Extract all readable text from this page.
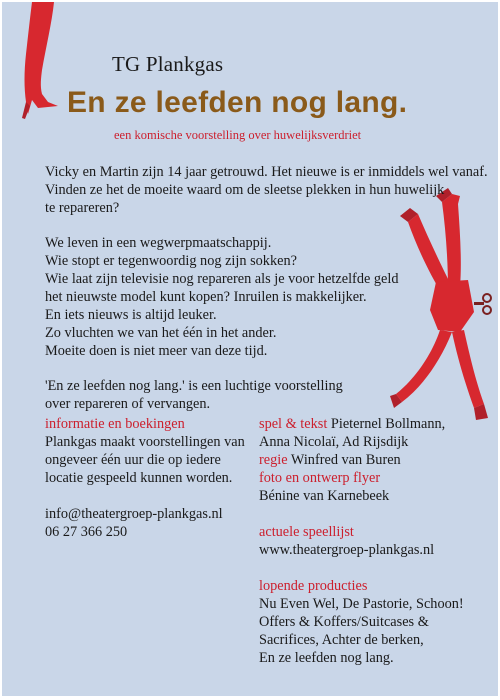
TG Plankgas
En ze leefden nog lang.
een komische voorstelling over huwelijksverdriet

Vicky en Martin zijn 14 jaar getrouwd. Het nieuwe is er inmiddels wel vanaf.
Vinden ze het de moeite waard om de sleetse plekken in hun huwelijk
te repareren?

We leven in een wegwerpmaatschappij.
Wie stopt er tegenwoordig nog zijn sokken?
Wie laat zijn televisie nog repareren als je voor hetzelfde geld
het nieuwste model kunt kopen? Inruilen is makkelijker.
En iets nieuws is altijd leuker.
Zo vluchten we van het één in het ander.
Moeite doen is niet meer van deze tijd.

'En ze leefden nog lang.' is een luchtige voorstelling
over repareren of vervangen.

informatie en boekingen

Plankgas maakt voorstellingen van
ongeveer één uur die op iedere
locatie gespeeld kunnen worden.

info@theatergroep-plankgas.nl

06 27 366 250

spel & tekst Pieternel Bollmann,

Anna Nicolaï, Ad Rijsdijk

regie Winfred van Buren

foto en ontwerp flyer

Bénine van Karnebeek

actuele speellijst

www.theatergroep-plankgas.nl

lopende producties

Nu Even Wel, De Pastorie, Schoon!
Offers & Koffers/Suitcases &
Sacrifices, Achter de berken,
En ze leefden nog lang.
